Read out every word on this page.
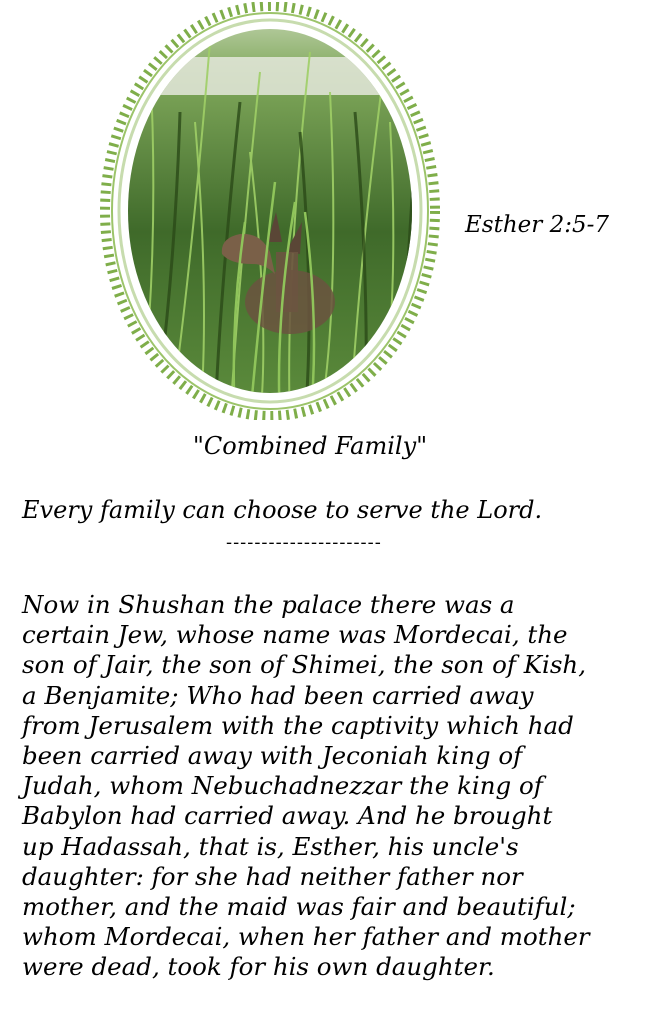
Esther 2:5-7
"Combined Family"
Every family can choose to serve the Lord.
----------------------
Now in Shushan the palace there was a
certain Jew, whose name was Mordecai, the
son of Jair, the son of Shimei, the son of Kish,
a Benjamite; Who had been carried away
from Jerusalem with the captivity which had
been carried away with Jeconiah king of
Judah, whom Nebuchadnezzar the king of
Babylon had carried away. And he brought
up Hadassah, that is, Esther, his uncle's
daughter: for she had neither father nor
mother, and the maid was fair and beautiful;
whom Mordecai, when her father and mother
were dead, took for his own daughter.
